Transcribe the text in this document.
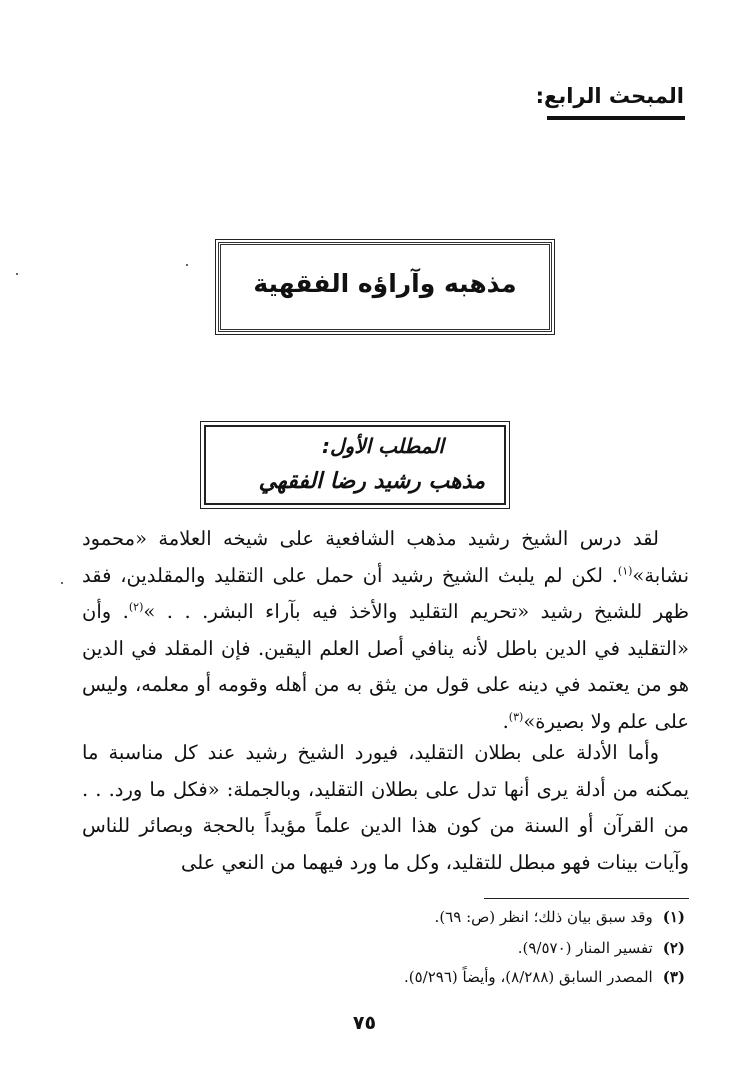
المبحث الرابع:
مذهبه وآراؤه الفقهية
المطلب الأول:
مذهب رشيد رضا الفقهي

لقد درس الشيخ رشيد مذهب الشافعية على شيخه العلامة «محمود نشابة»$^{(١)}$. لكن لم يلبث الشيخ رشيد أن حمل على التقليد والمقلدين، فقد ظهر للشيخ رشيد «تحريم التقليد والأخذ فيه بآراء البشر. . . »$^{(٢)}$. وأن «التقليد في الدين باطل لأنه ينافي أصل العلم اليقين. فإن المقلد في الدين هو من يعتمد في دينه على قول من يثق به من أهله وقومه أو معلمه، وليس على علم ولا بصيرة»$^{(٣)}$.

وأما الأدلة على بطلان التقليد، فيورد الشيخ رشيد عند كل مناسبة ما يمكنه من أدلة يرى أنها تدل على بطلان التقليد، وبالجملة: «فكل ما ورد. . . من القرآن أو السنة من كون هذا الدين علماً مؤيداً بالحجة وبصائر للناس وآيات بينات فهو مبطل للتقليد، وكل ما ورد فيهما من النعي على

(١)وقد سبق بيان ذلك؛ انظر (ص: ٦٩).
(٢)تفسير المنار (٩/٥٧٠).
(٣)المصدر السابق (٨/٢٨٨)، وأيضاً (٥/٢٩٦).
٧٥
